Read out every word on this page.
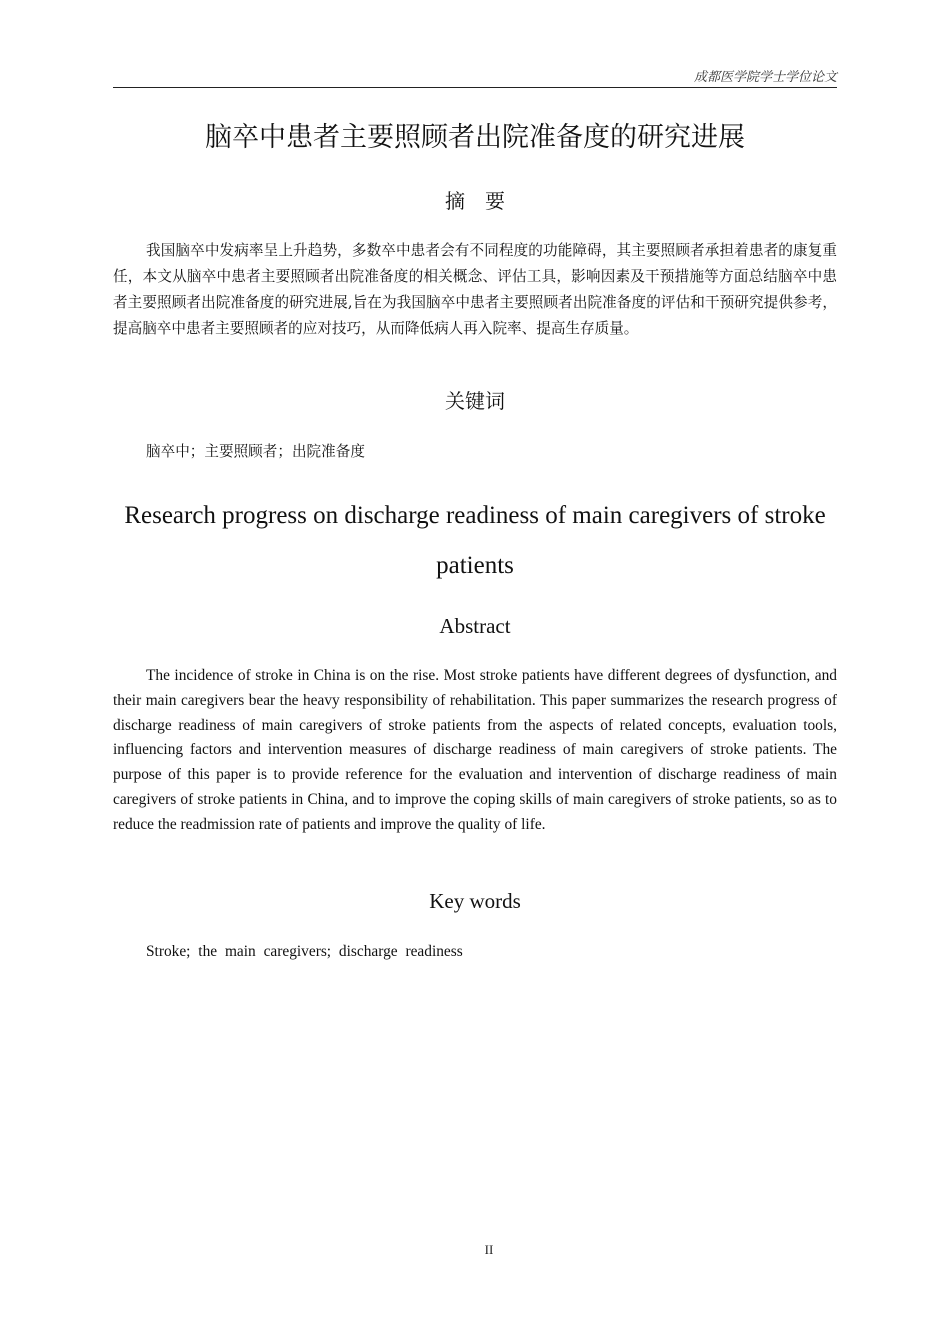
成都医学院学士学位论文
脑卒中患者主要照顾者出院准备度的研究进展
摘 要

我国脑卒中发病率呈上升趋势，多数卒中患者会有不同程度的功能障碍，其主要照顾者承担着患者的康复重任，本文从脑卒中患者主要照顾者出院准备度的相关概念、评估工具，影响因素及干预措施等方面总结脑卒中患者主要照顾者出院准备度的研究进展,旨在为我国脑卒中患者主要照顾者出院准备度的评估和干预研究提供参考，提高脑卒中患者主要照顾者的应对技巧，从而降低病人再入院率、提高生存质量。

关键词

脑卒中；主要照顾者；出院准备度

Research progress on discharge readiness of main caregivers of stroke patients
Abstract

The incidence of stroke in China is on the rise. Most stroke patients have different degrees of dysfunction, and their main caregivers bear the heavy responsibility of rehabilitation. This paper summarizes the research progress of discharge readiness of main caregivers of stroke patients from the aspects of related concepts, evaluation tools, influencing factors and intervention measures of discharge readiness of main caregivers of stroke patients. The purpose of this paper is to provide reference for the evaluation and intervention of discharge readiness of main caregivers of stroke patients in China, and to improve the coping skills of main caregivers of stroke patients, so as to reduce the readmission rate of patients and improve the quality of life.

Key words

Stroke; the main caregivers; discharge readiness

II
